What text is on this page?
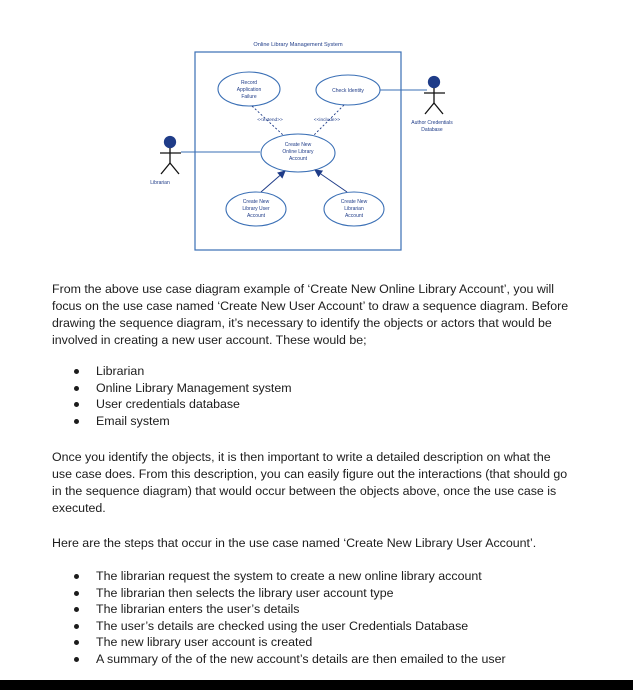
Online Library Management System
Record
Application
Failure
Check Identity
Create New
Online Library
Account
Create New
Library User
Account
Create New
Librarian
Account
<<extend>>	<<include>>
Librarian
Author Credentials
Database

From the above use case diagram example of ‘Create New Online Library Account’, you will focus on the use case named ‘Create New User Account’ to draw a sequence diagram. Before drawing the sequence diagram, it’s necessary to identify the objects or actors that would be involved in creating a new user account. These would be;

Librarian
Online Library Management system
User credentials database
Email system

Once you identify the objects, it is then important to write a detailed description on what the use case does. From this description, you can easily figure out the interactions (that should go in the sequence diagram) that would occur between the objects above, once the use case is executed.

Here are the steps that occur in the use case named ‘Create New Library User Account’.

The librarian request the system to create a new online library account
The librarian then selects the library user account type
The librarian enters the user’s details
The user’s details are checked using the user Credentials Database
The new library user account is created
A summary of the of the new account’s details are then emailed to the user
